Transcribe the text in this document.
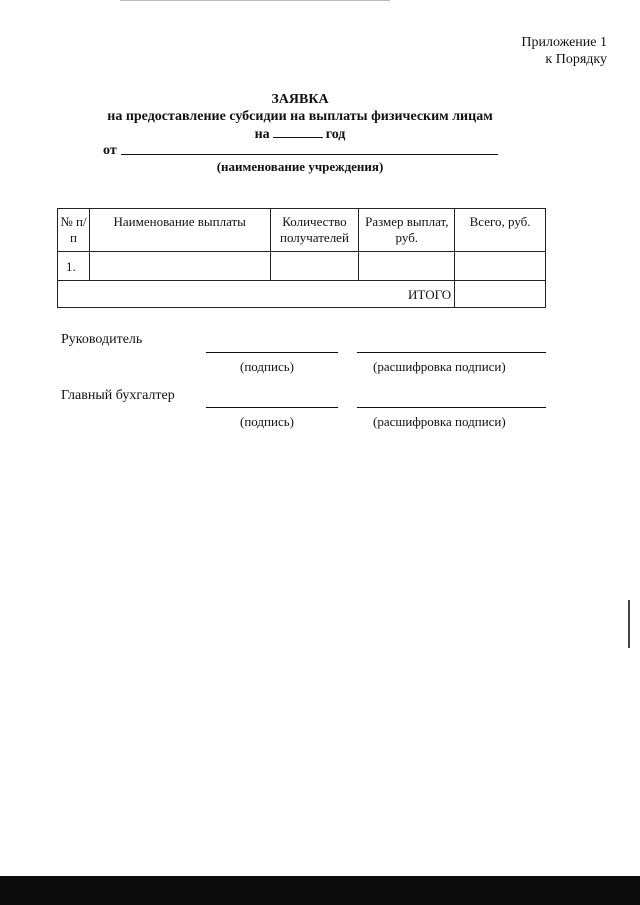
Приложение 1
к Порядку
ЗАЯВКА
на предоставление субсидии на выплаты физическим лицам
на	год
от
(наименование учреждения)
№ п/п	Наименование выплаты	Количество получателей	Размер выплат, руб.	Всего, руб.
1.				
ИТОГО				
Руководитель
(подпись)	(расшифровка подписи)
Главный бухгалтер
(подпись)	(расшифровка подписи)
